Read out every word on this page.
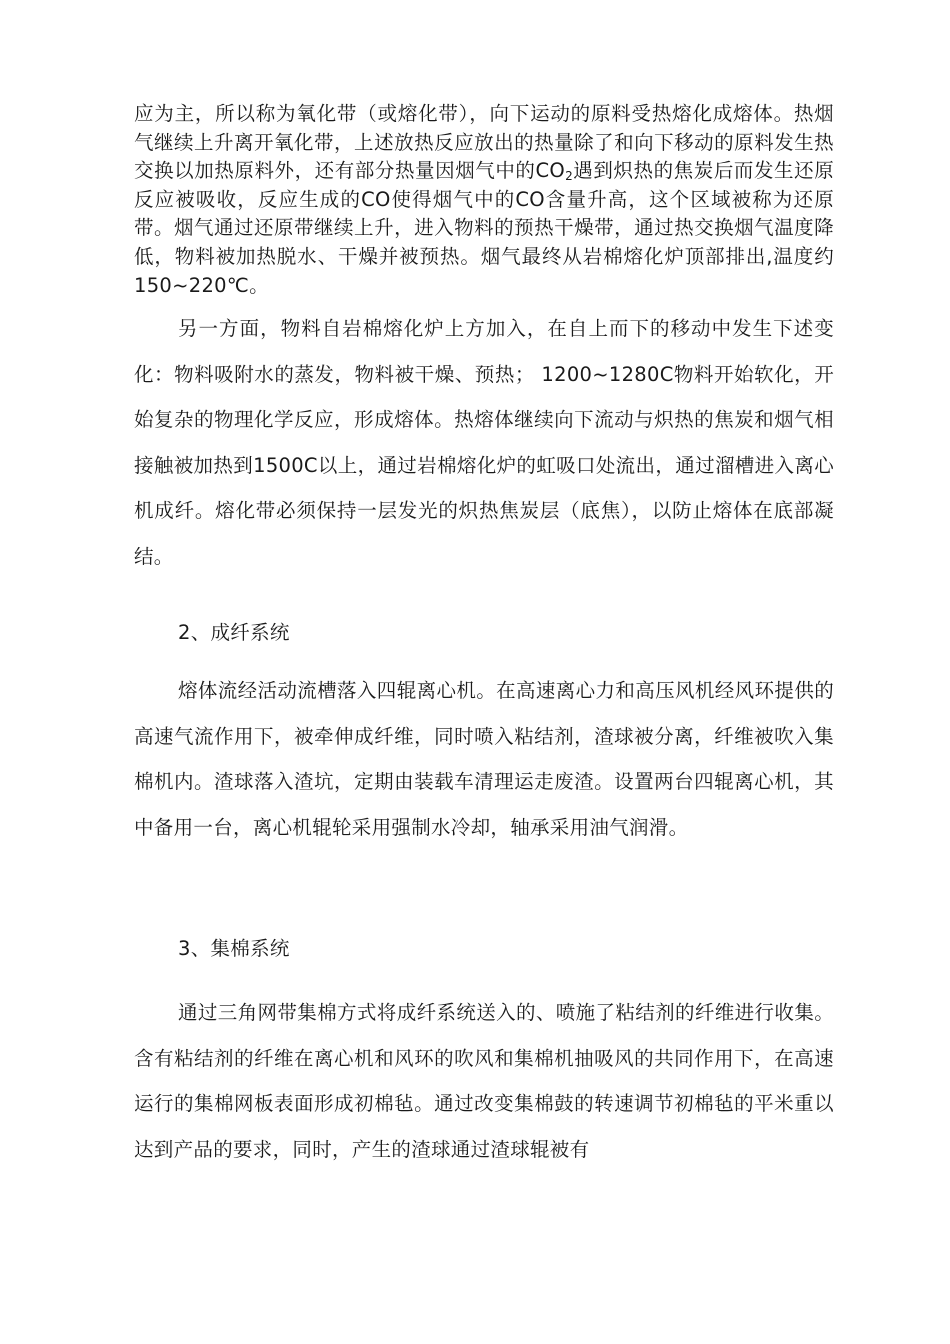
应为主，所以称为氧化带（或熔化带），向下运动的原料受热熔化成熔体。热烟气继续上升离开氧化带，上述放热反应放出的热量除了和向下移动的原料发生热交换以加热原料外，还有部分热量因烟气中的$CO_2$遇到炽热的焦炭后而发生还原反应被吸收，反应生成的CO使得烟气中的CO含量升高，这个区域被称为还原带。烟气通过还原带继续上升，进入物料的预热干燥带，通过热交换烟气温度降低，物料被加热脱水、干燥并被预热。烟气最终从岩棉熔化炉顶部排出,温度约150~220℃。
另一方面，物料自岩棉熔化炉上方加入，在自上而下的移动中发生下述变化：物料吸附水的蒸发，物料被干燥、预热； 1200~1280C物料开始软化，开始复杂的物理化学反应，形成熔体。热熔体继续向下流动与炽热的焦炭和烟气相接触被加热到1500C以上，通过岩棉熔化炉的虹吸口处流出，通过溜槽进入离心机成纤。熔化带必须保持一层发光的炽热焦炭层（底焦），以防止熔体在底部凝结。
2、成纤系统
熔体流经活动流槽落入四辊离心机。在高速离心力和高压风机经风环提供的高速气流作用下，被牵伸成纤维，同时喷入粘结剂，渣球被分离，纤维被吹入集棉机内。渣球落入渣坑，定期由装载车清理运走废渣。设置两台四辊离心机，其中备用一台，离心机辊轮采用强制水冷却，轴承采用油气润滑。
3、集棉系统
通过三角网带集棉方式将成纤系统送入的、喷施了粘结剂的纤维进行收集。含有粘结剂的纤维在离心机和风环的吹风和集棉机抽吸风的共同作用下，在高速运行的集棉网板表面形成初棉毡。通过改变集棉鼓的转速调节初棉毡的平米重以达到产品的要求，同时，产生的渣球通过渣球辊被有
